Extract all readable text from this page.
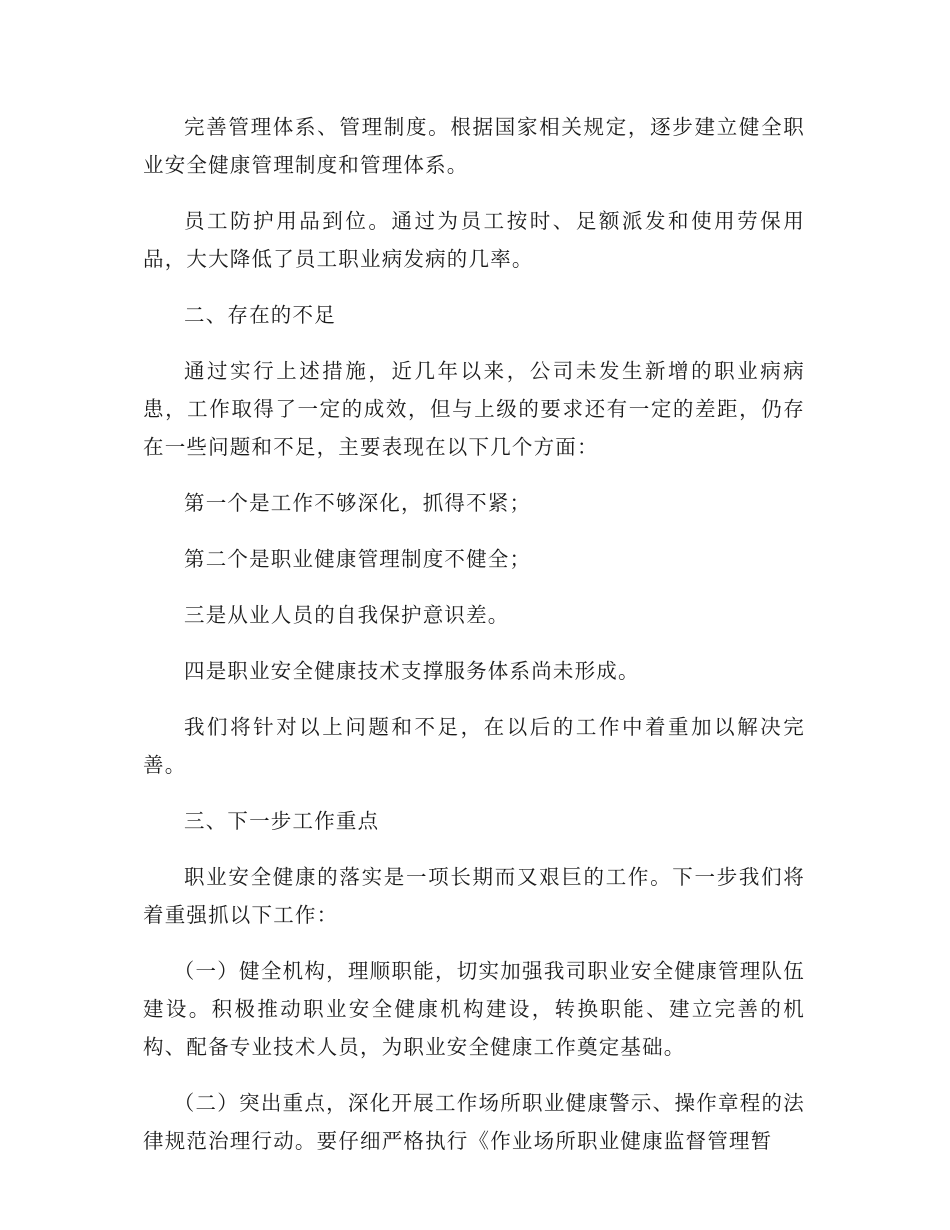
完善管理体系、管理制度。根据国家相关规定，逐步建立健全职业安全健康管理制度和管理体系。

员工防护用品到位。通过为员工按时、足额派发和使用劳保用品，大大降低了员工职业病发病的几率。

二、存在的不足

通过实行上述措施，近几年以来，公司未发生新增的职业病病患，工作取得了一定的成效，但与上级的要求还有一定的差距，仍存在一些问题和不足，主要表现在以下几个方面：

第一个是工作不够深化，抓得不紧；

第二个是职业健康管理制度不健全；

三是从业人员的自我保护意识差。

四是职业安全健康技术支撑服务体系尚未形成。

我们将针对以上问题和不足，在以后的工作中着重加以解决完善。

三、下一步工作重点

职业安全健康的落实是一项长期而又艰巨的工作。下一步我们将着重强抓以下工作：

（一）健全机构，理顺职能，切实加强我司职业安全健康管理队伍建设。积极推动职业安全健康机构建设，转换职能、建立完善的机构、配备专业技术人员，为职业安全健康工作奠定基础。

（二）突出重点，深化开展工作场所职业健康警示、操作章程的法律规范治理行动。要仔细严格执行《作业场所职业健康监督管理暂
